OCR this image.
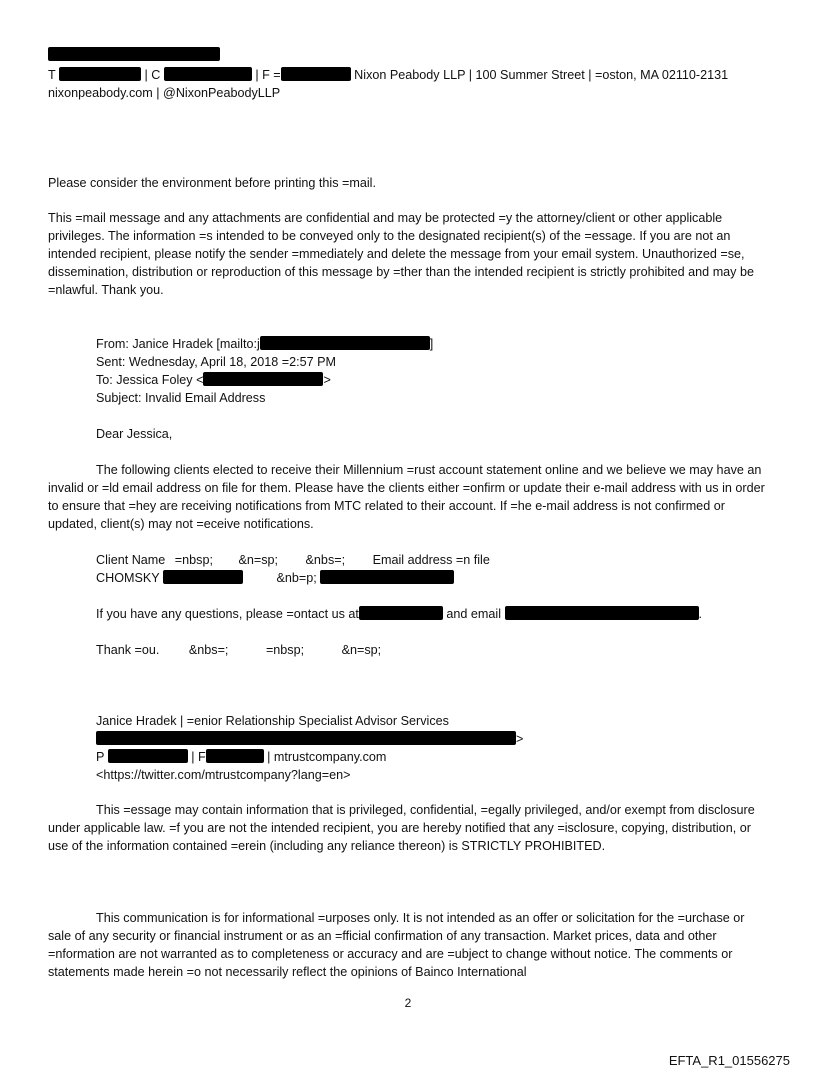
T	| C	| F =	Nixon Peabody LLP | 100 Summer Street | =oston, MA 02110-2131
nixonpeabody.com | @NixonPeabodyLLP
Please consider the environment before printing this =mail.
This =mail message and any attachments are confidential and may be protected =y the attorney/client or other applicable privileges. The information =s intended to be conveyed only to the designated recipient(s) of the =essage. If you are not an intended recipient, please notify the sender =mmediately and delete the message from your email system. Unauthorized =se, dissemination, distribution or reproduction of this message by =ther than the intended recipient is strictly prohibited and may be =nlawful. Thank you.
From: Janice Hradek [mailto:j	]
Sent: Wednesday, April 18, 2018 =2:57 PM
To: Jessica Foley <	>
Subject: Invalid Email Address
Dear Jessica,
The following clients elected to receive their Millennium =rust account statement online and we believe we may have an invalid or =ld email address on file for them. Please have the clients either =onfirm or update their e-mail address with us in order to ensure that =hey are receiving notifications from MTC related to their account. If =he e-mail address is not confirmed or updated, client(s) may not =eceive notifications.
Client Name =nbsp; &n=sp; &nbs=; Email address =n file
CHOMSKY	&nb=p;
If you have any questions, please =ontact us at	and email	.
Thank =ou. &nbs=;	=nbsp;	&n=sp;
Janice Hradek | =enior Relationship Specialist Advisor Services
>
P	| F	| mtrustcompany.com
<https://twitter.com/mtrustcompany?lang=en>
This =essage may contain information that is privileged, confidential, =egally privileged, and/or exempt from disclosure under applicable law. =f you are not the intended recipient, you are hereby notified that any =isclosure, copying, distribution, or use of the information contained =erein (including any reliance thereon) is STRICTLY PROHIBITED.
This communication is for informational =urposes only. It is not intended as an offer or solicitation for the =urchase or sale of any security or financial instrument or as an =fficial confirmation of any transaction. Market prices, data and other =nformation are not warranted as to completeness or accuracy and are =ubject to change without notice. The comments or statements made herein =o not necessarily reflect the opinions of Bainco International
2
EFTA_R1_01556275
